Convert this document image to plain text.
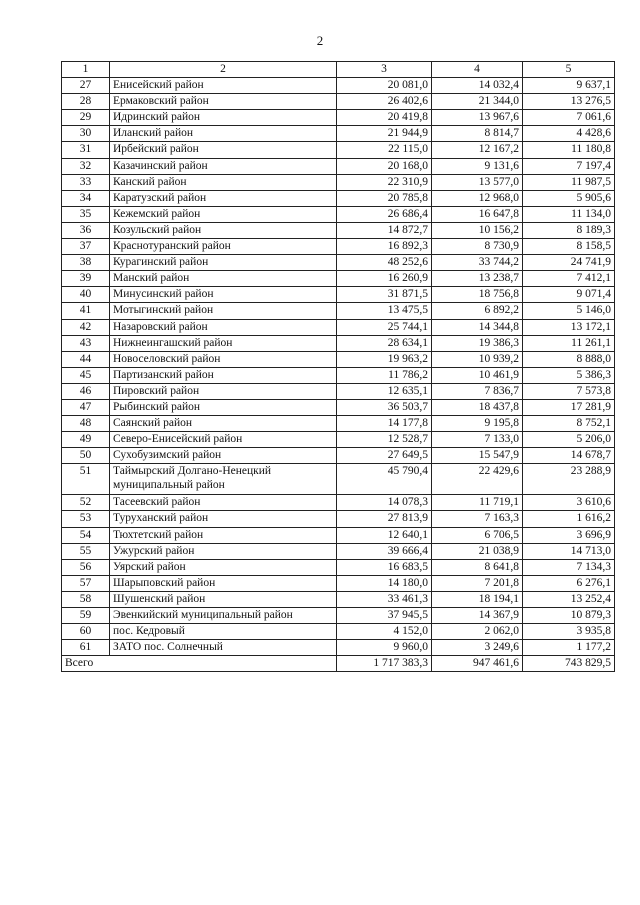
2
1	2	3	4	5
27	Енисейский район	20 081,0	14 032,4	9 637,1
28	Ермаковский район	26 402,6	21 344,0	13 276,5
29	Идринский район	20 419,8	13 967,6	7 061,6
30	Иланский район	21 944,9	8 814,7	4 428,6
31	Ирбейский район	22 115,0	12 167,2	11 180,8
32	Казачинский район	20 168,0	9 131,6	7 197,4
33	Канский район	22 310,9	13 577,0	11 987,5
34	Каратузский район	20 785,8	12 968,0	5 905,6
35	Кежемский район	26 686,4	16 647,8	11 134,0
36	Козульский район	14 872,7	10 156,2	8 189,3
37	Краснотуранский район	16 892,3	8 730,9	8 158,5
38	Курагинский район	48 252,6	33 744,2	24 741,9
39	Манский район	16 260,9	13 238,7	7 412,1
40	Минусинский район	31 871,5	18 756,8	9 071,4
41	Мотыгинский район	13 475,5	6 892,2	5 146,0
42	Назаровский район	25 744,1	14 344,8	13 172,1
43	Нижнеингашский район	28 634,1	19 386,3	11 261,1
44	Новоселовский район	19 963,2	10 939,2	8 888,0
45	Партизанский район	11 786,2	10 461,9	5 386,3
46	Пировский район	12 635,1	7 836,7	7 573,8
47	Рыбинский район	36 503,7	18 437,8	17 281,9
48	Саянский район	14 177,8	9 195,8	8 752,1
49	Северо-Енисейский район	12 528,7	7 133,0	5 206,0
50	Сухобузимский район	27 649,5	15 547,9	14 678,7
51	Таймырский Долгано-Ненецкий муниципальный район	45 790,4	22 429,6	23 288,9
52	Тасеевский район	14 078,3	11 719,1	3 610,6
53	Туруханский район	27 813,9	7 163,3	1 616,2
54	Тюхтетский район	12 640,1	6 706,5	3 696,9
55	Ужурский район	39 666,4	21 038,9	14 713,0
56	Уярский район	16 683,5	8 641,8	7 134,3
57	Шарыповский район	14 180,0	7 201,8	6 276,1
58	Шушенский район	33 461,3	18 194,1	13 252,4
59	Эвенкийский муниципальный район	37 945,5	14 367,9	10 879,3
60	пос. Кедровый	4 152,0	2 062,0	3 935,8
61	ЗАТО пос. Солнечный	9 960,0	3 249,6	1 177,2
Всего		1 717 383,3	947 461,6	743 829,5
